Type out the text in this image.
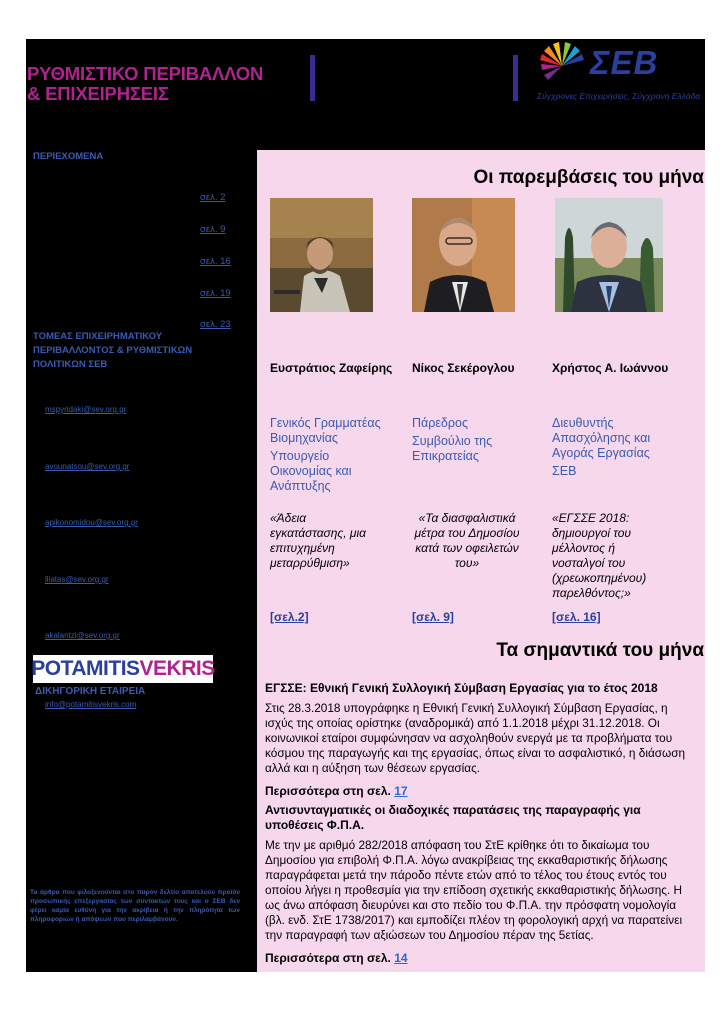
ΡΥΘΜΙΣΤΙΚΟ ΠΕΡΙΒΑΛΛΟΝ
& ΕΠΙΧΕΙΡΗΣΕΙΣ
ΣΕΒ
Σύγχρονες Επιχειρήσεις, Σύγχρονη Ελλάδα
ΠΕΡΙΕΧΟΜΕΝΑ
σελ. 2
σελ. 9
σελ. 16
σελ. 19
σελ. 23
ΤΟΜΕΑΣ ΕΠΙΧΕΙΡΗΜΑΤΙΚΟΥ
ΠΕΡΙΒΑΛΛΟΝΤΟΣ & ΡΥΘΜΙΣΤΙΚΩΝ
ΠΟΛΙΤΙΚΩΝ ΣΕΒ
mspyridaki@sev.org.gr
avounatsou@sev.org.gr
apikonomidou@sev.org.gr
lliatas@sev.org.gr
akalantzi@sev.org.gr
POTAMITIS VEKRIS
ΔΙΚΗΓΟΡΙΚΗ ΕΤΑΙΡΕΙΑ
info@potamitisvekris.com
Τα άρθρα που φιλοξενούνται στο παρόν δελτίο αποτελούν προϊόν προσωπικής επεξεργασίας των συντακτών τους και ο ΣΕΒ δεν φέρει καμία ευθύνη για την ακρίβεια ή την πληρότητα των πληροφοριών ή απόψεων που περιλαμβάνουν.
Οι παρεμβάσεις του μήνα
Ευστράτιος Ζαφείρης
Γενικός Γραμματέας Βιομηχανίας
Υπουργείο Οικονομίας και Ανάπτυξης
«Άδεια εγκατάστασης, μια επιτυχημένη μεταρρύθμιση»
[σελ.2]
Νίκος Σεκέρογλου
Πάρεδρος
Συμβούλιο της Επικρατείας
«Τα διασφαλιστικά μέτρα του Δημοσίου κατά των οφειλετών του»
[σελ. 9]
Χρήστος Α. Ιωάννου
Διευθυντής Απασχόλησης και Αγοράς Εργασίας
ΣΕΒ
«ΕΓΣΣΕ 2018: δημιουργοί του μέλλοντος ή νοσταλγοί του (χρεωκοπημένου) παρελθόντος;»
[σελ. 16]
Τα σημαντικά του μήνα
ΕΓΣΣΕ: Εθνική Γενική Συλλογική Σύμβαση Εργασίας για το έτος 2018
Στις 28.3.2018 υπογράφηκε η Εθνική Γενική Συλλογική Σύμβαση Εργασίας, η ισχύς της οποίας ορίστηκε (αναδρομικά) από 1.1.2018 μέχρι 31.12.2018. Οι κοινωνικοί εταίροι συμφώνησαν να ασχοληθούν ενεργά με τα προβλήματα του κόσμου της παραγωγής και της εργασίας, όπως είναι το ασφαλιστικό, η διάσωση αλλά και η αύξηση των θέσεων εργασίας.
Περισσότερα στη σελ. 17
Αντισυνταγματικές οι διαδοχικές παρατάσεις της παραγραφής για υποθέσεις Φ.Π.Α.
Με την με αριθμό 282/2018 απόφαση του ΣτΕ κρίθηκε ότι το δικαίωμα του Δημοσίου για επιβολή Φ.Π.Α. λόγω ανακρίβειας της εκκαθαριστικής δήλωσης παραγράφεται μετά την πάροδο πέντε ετών από το τέλος του έτους εντός του οποίου λήγει η προθεσμία για την επίδοση σχετικής εκκαθαριστικής δήλωσης. Η ως άνω απόφαση διευρύνει και στο πεδίο του Φ.Π.Α. την πρόσφατη νομολογία (βλ. ενδ. ΣτΕ 1738/2017) και εμποδίζει πλέον τη φορολογική αρχή να παρατείνει την παραγραφή των αξιώσεων του Δημοσίου πέραν της 5ετίας.
Περισσότερα στη σελ. 14
